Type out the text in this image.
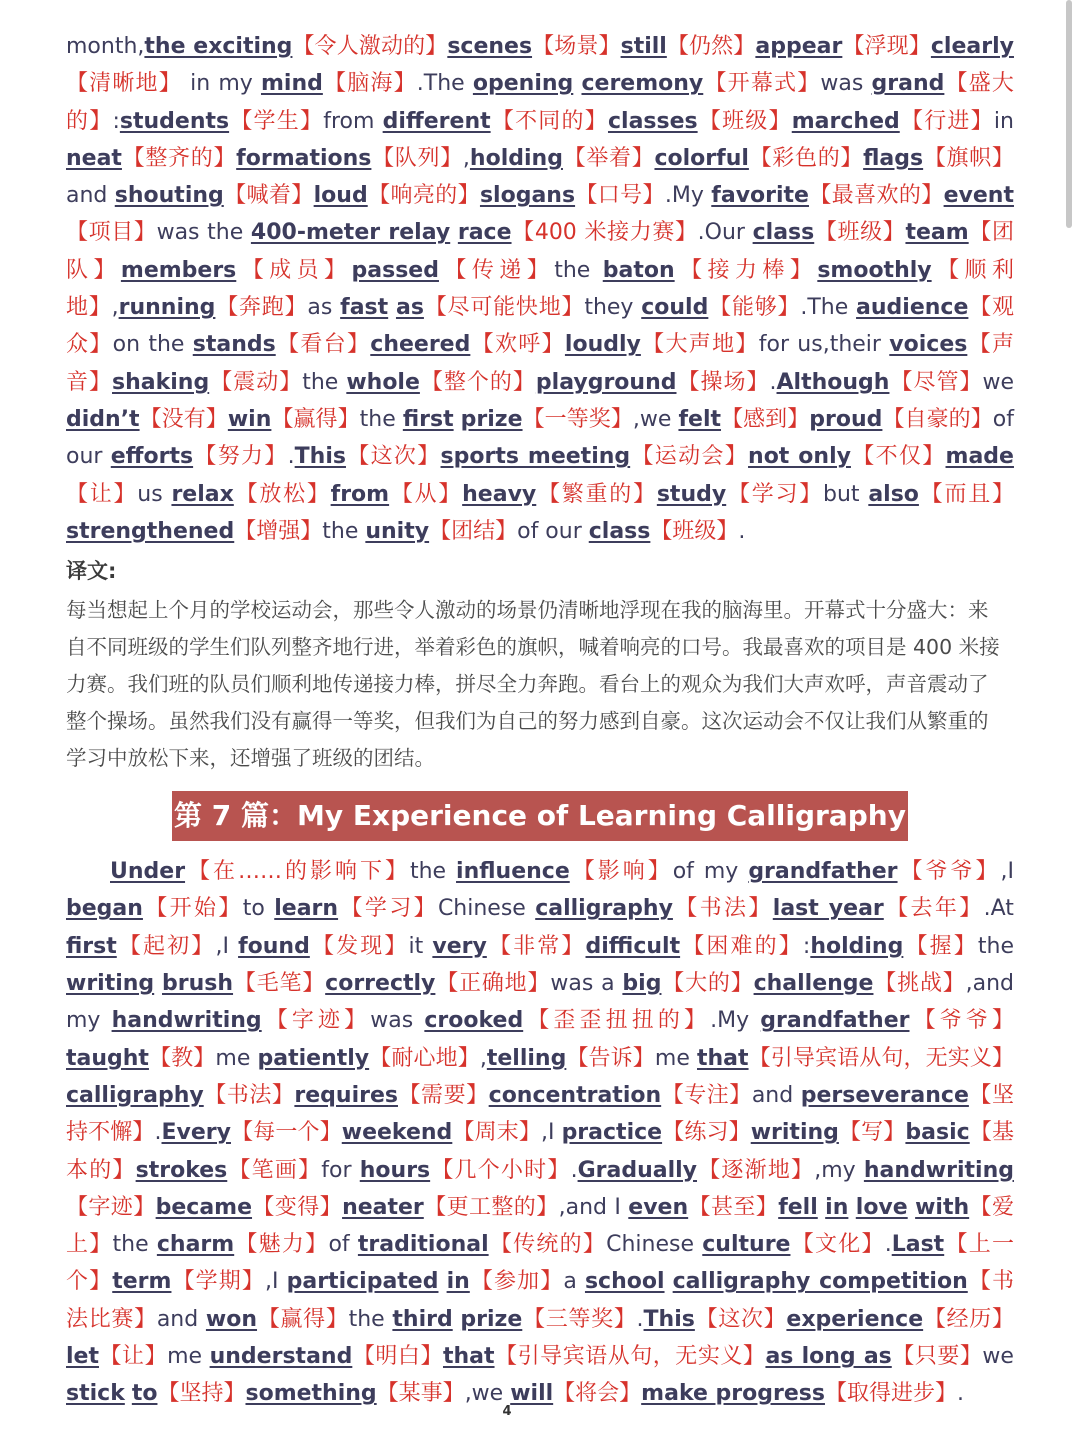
month,the exciting【令人激动的】scenes【场景】still【仍然】appear【浮现】clearly【清晰地】 in my mind【脑海】.The opening ceremony【开幕式】was grand【盛大的】:students【学生】from different【不同的】classes【班级】marched【行进】in neat【整齐的】formations【队列】,holding【举着】colorful【彩色的】flags【旗帜】and shouting【喊着】loud【响亮的】slogans【口号】.My favorite【最喜欢的】event【项目】was the 400-meter relay race【400 米接力赛】.Our class【班级】team【团队】members【成员】passed【传递】the baton【接力棒】smoothly【顺利地】,running【奔跑】as fast as【尽可能快地】they could【能够】.The audience【观众】on the stands【看台】cheered【欢呼】loudly【大声地】for us,their voices【声音】shaking【震动】the whole【整个的】playground【操场】.Although【尽管】we didn’t【没有】win【赢得】the first prize【一等奖】,we felt【感到】proud【自豪的】of our efforts【努力】.This【这次】sports meeting【运动会】not only【不仅】made【让】us relax【放松】from【从】heavy【繁重的】study【学习】but also【而且】strengthened【增强】the unity【团结】of our class【班级】.

译文:

每当想起上个月的学校运动会，那些令人激动的场景仍清晰地浮现在我的脑海里。开幕式十分盛大：来自不同班级的学生们队列整齐地行进，举着彩色的旗帜，喊着响亮的口号。我最喜欢的项目是 400 米接力赛。我们班的队员们顺利地传递接力棒，拼尽全力奔跑。看台上的观众为我们大声欢呼，声音震动了整个操场。虽然我们没有赢得一等奖，但我们为自己的努力感到自豪。这次运动会不仅让我们从繁重的学习中放松下来，还增强了班级的团结。

第 7 篇：My Experience of Learning Calligraphy

Under【在……的影响下】the influence【影响】of my grandfather【爷爷】,I began【开始】to learn【学习】Chinese calligraphy【书法】last year【去年】.At first【起初】,I found【发现】it very【非常】difficult【困难的】:holding【握】the writing brush【毛笔】correctly【正确地】was a big【大的】challenge【挑战】,and my handwriting【字迹】was crooked【歪歪扭扭的】.My grandfather【爷爷】taught【教】me patiently【耐心地】,telling【告诉】me that【引导宾语从句，无实义】calligraphy【书法】requires【需要】concentration【专注】and perseverance【坚持不懈】.Every【每一个】weekend【周末】,I practice【练习】writing【写】basic【基本的】strokes【笔画】for hours【几个小时】.Gradually【逐渐地】,my handwriting【字迹】became【变得】neater【更工整的】,and I even【甚至】fell in love with【爱上】the charm【魅力】of traditional【传统的】Chinese culture【文化】.Last【上一个】term【学期】,I participated in【参加】a school calligraphy competition【书法比赛】and won【赢得】the third prize【三等奖】.This【这次】experience【经历】let【让】me understand【明白】that【引导宾语从句，无实义】as long as【只要】we stick to【坚持】something【某事】,we will【将会】make progress【取得进步】.

4
